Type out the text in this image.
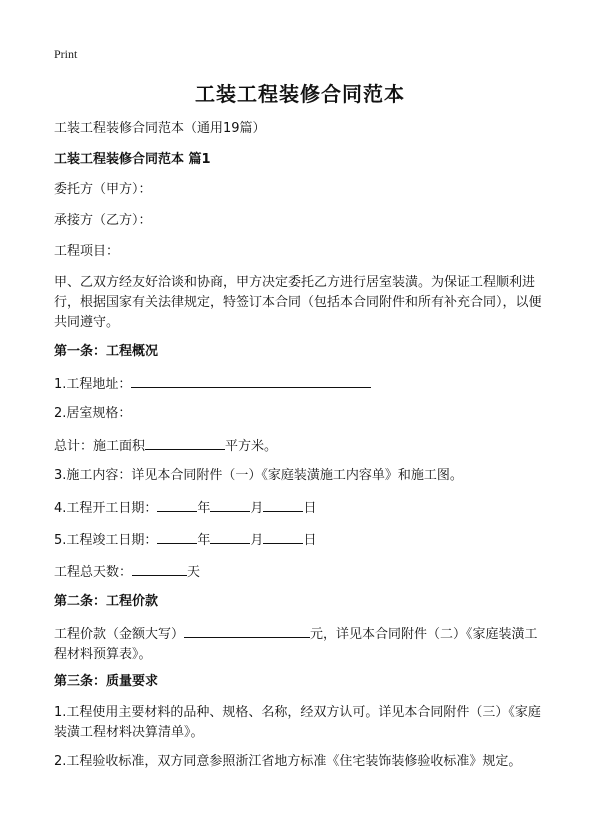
Print
工装工程装修合同范本
工装工程装修合同范本（通用19篇）
工装工程装修合同范本 篇1
委托方（甲方）：
承接方（乙方）：
工程项目：
甲、乙双方经友好洽谈和协商，甲方决定委托乙方进行居室装潢。为保证工程顺利进行，根据国家有关法律规定，特签订本合同（包括本合同附件和所有补充合同），以便共同遵守。
第一条：工程概况
1.工程地址：
2.居室规格：
总计：施工面积	平方米。
3.施工内容：详见本合同附件（一）《家庭装潢施工内容单》和施工图。
4.工程开工日期：	年	月	日
5.工程竣工日期：	年	月	日
工程总天数：	天
第二条：工程价款
工程价款（金额大写）	元，详见本合同附件（二）《家庭装潢工程材料预算表》。
第三条：质量要求
1.工程使用主要材料的品种、规格、名称，经双方认可。详见本合同附件（三）《家庭装潢工程材料决算清单》。
2.工程验收标准，双方同意参照浙江省地方标准《住宅装饰装修验收标准》规定。
